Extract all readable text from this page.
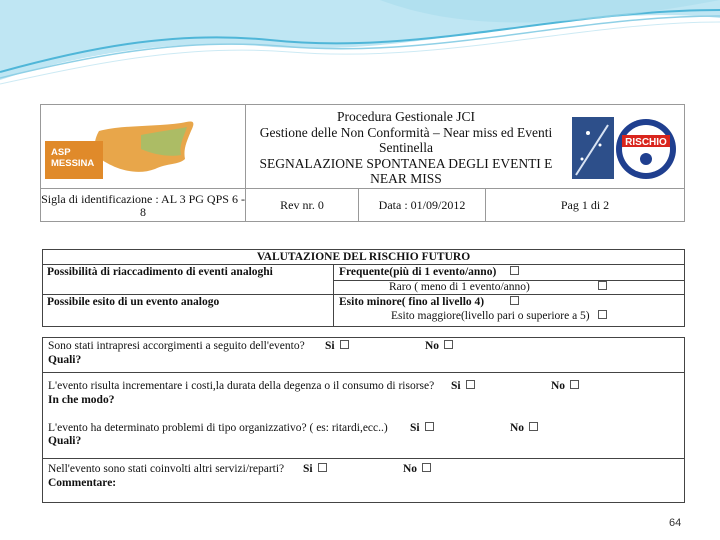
ASP
MESSINA
Procedura Gestionale JCI
Gestione delle Non Conformità – Near miss ed Eventi
Sentinella
SEGNALAZIONE SPONTANEA DEGLI EVENTI E
NEAR MISS
RISCHIO
Sigla di identificazione : AL 3 PG QPS 6 - 8	Rev nr. 0	Data : 01/09/2012	Pag 1 di 2
VALUTAZIONE DEL RISCHIO FUTURO
Possibilità di riaccadimento di eventi analoghi	Frequente(più di 1 evento/anno)
Raro ( meno di 1 evento/anno)
Possibile esito di un evento analogo	Esito minore( fino al livello 4)
Esito maggiore(livello pari o superiore a 5)
Sono stati intrapresi accorgimenti a seguito dell'evento? Si	No
Quali?
L'evento risulta incrementare i costi,la durata della degenza o il consumo di risorse? Si	No
In che modo?
L'evento ha determinato problemi di tipo organizzativo? ( es: ritardi,ecc..) Si	No
Quali?
Nell'evento sono stati coinvolti altri servizi/reparti? Si	No
Commentare:
64
